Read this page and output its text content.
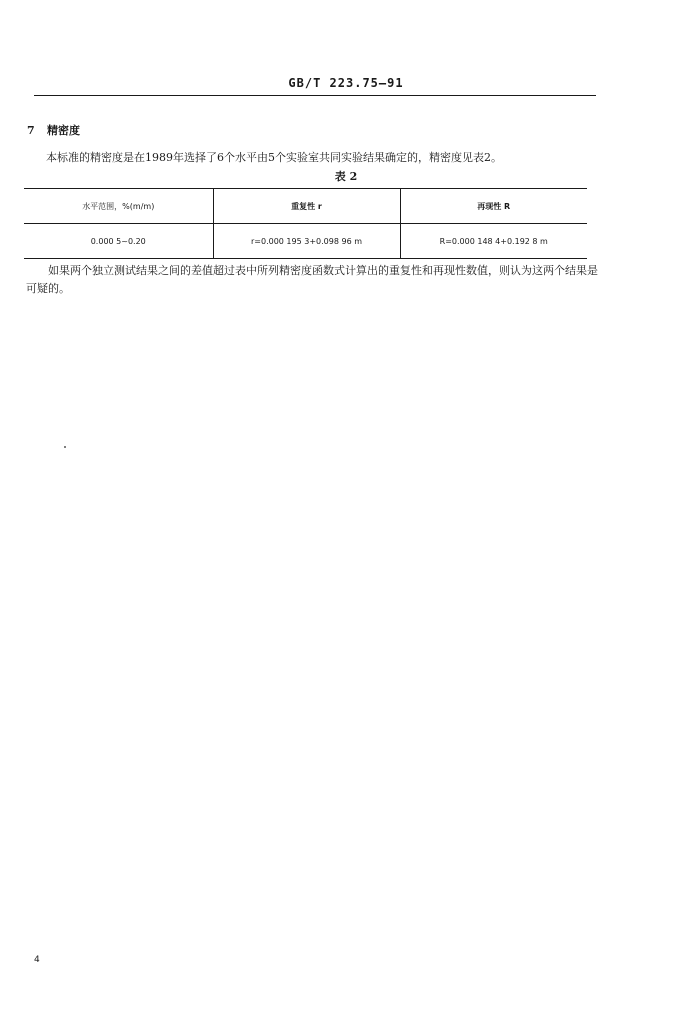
GB/T 223.75—91
7 精密度
本标准的精密度是在1989年选择了6个水平由5个实验室共同实验结果确定的，精密度见表2。
表 2
水平范围，%(m/m)	重复性 r	再现性 R
0.000 5~0.20	r=0.000 195 3+0.098 96 m	R=0.000 148 4+0.192 8 m
如果两个独立测试结果之间的差值超过表中所列精密度函数式计算出的重复性和再现性数值，则认为这两个结果是可疑的。
4
